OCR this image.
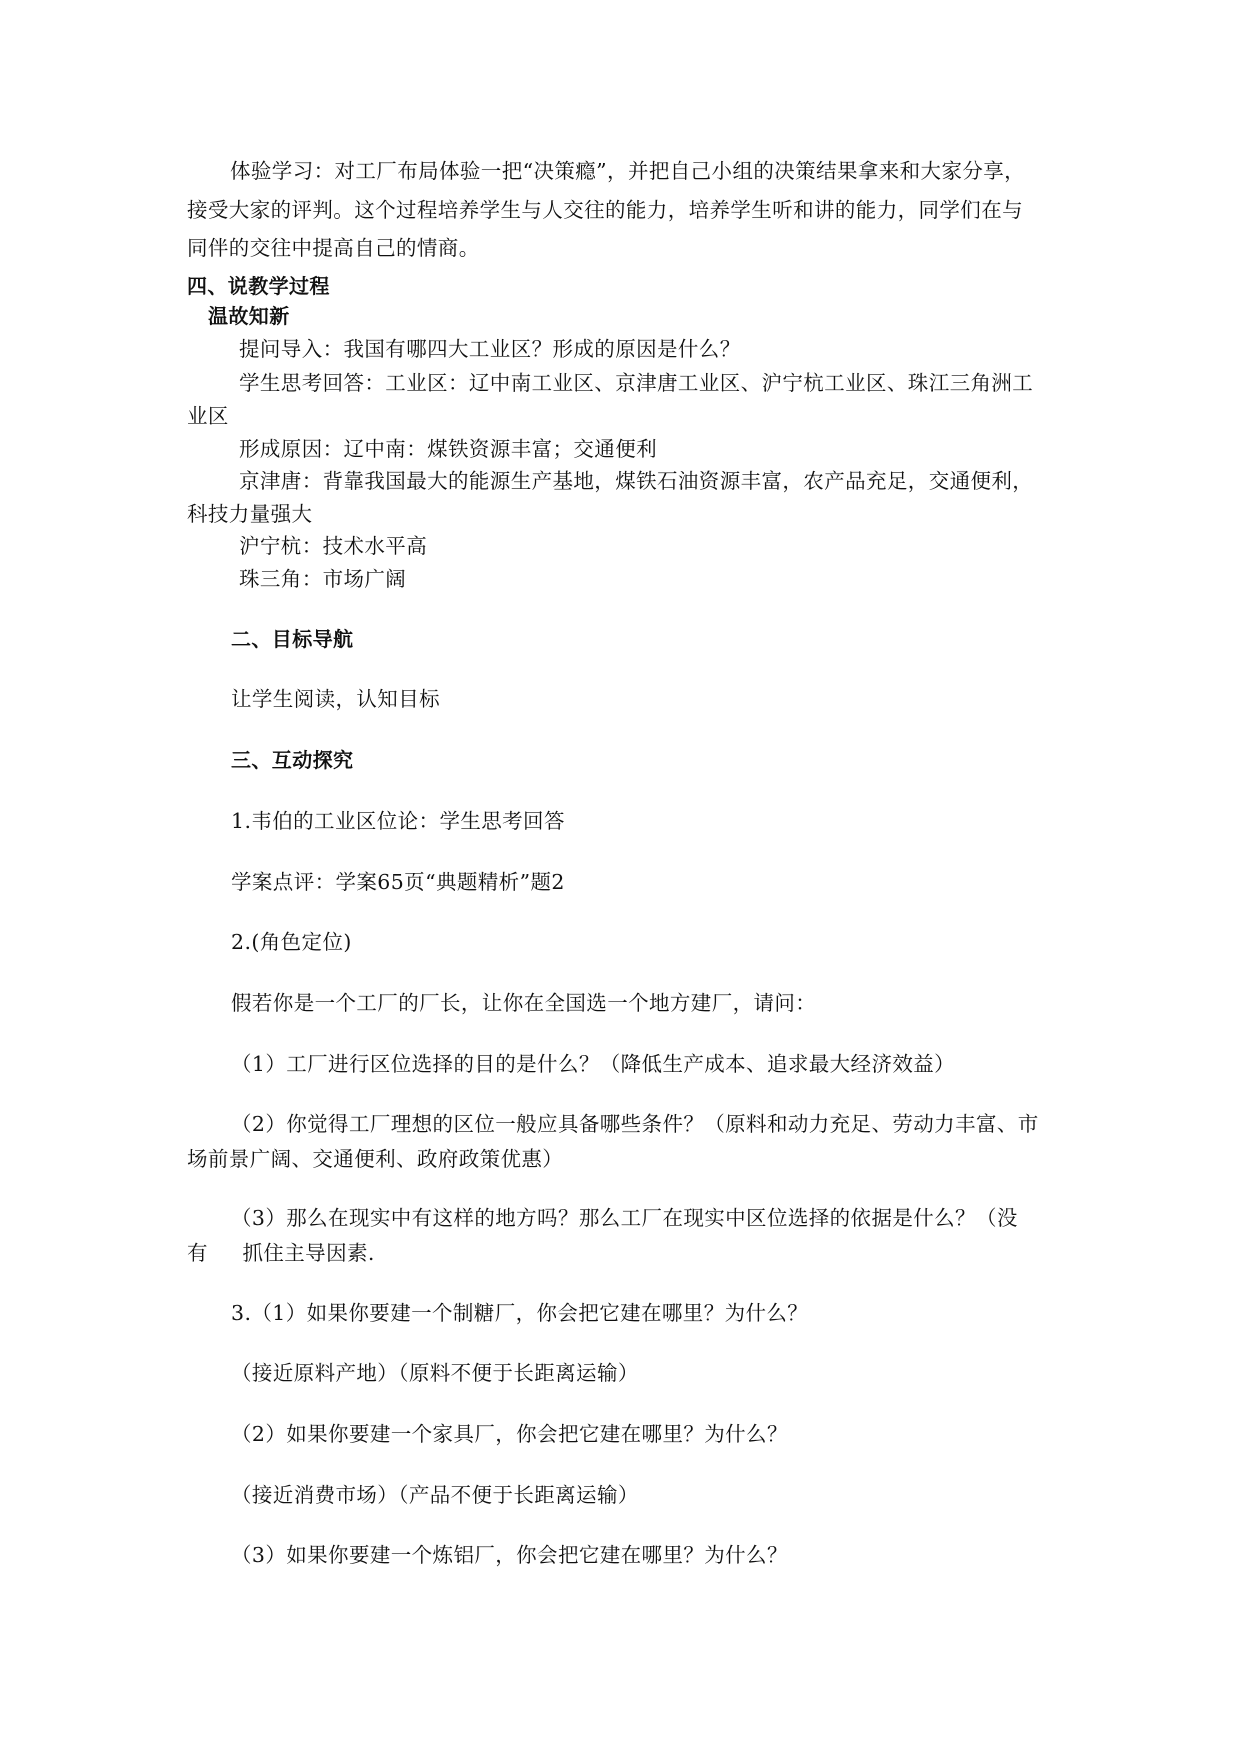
体验学习：对工厂布局体验一把“决策瘾”，并把自己小组的决策结果拿来和大家分享，
接受大家的评判。这个过程培养学生与人交往的能力，培养学生听和讲的能力，同学们在与
同伴的交往中提高自己的情商。
四、说教学过程
温故知新
提问导入：我国有哪四大工业区？形成的原因是什么？
学生思考回答：工业区：辽中南工业区、京津唐工业区、沪宁杭工业区、珠江三角洲工
业区
形成原因：辽中南：煤铁资源丰富；交通便利
京津唐：背靠我国最大的能源生产基地，煤铁石油资源丰富，农产品充足，交通便利，
科技力量强大
沪宁杭：技术水平高
珠三角：市场广阔
二、目标导航
让学生阅读，认知目标
三、互动探究
1.韦伯的工业区位论：学生思考回答
学案点评：学案65页“典题精析”题2
2.(角色定位)
假若你是一个工厂的厂长，让你在全国选一个地方建厂，请问：
（1）工厂进行区位选择的目的是什么？（降低生产成本、追求最大经济效益）
（2）你觉得工厂理想的区位一般应具备哪些条件？（原料和动力充足、劳动力丰富、市
场前景广阔、交通便利、政府政策优惠）
（3）那么在现实中有这样的地方吗？那么工厂在现实中区位选择的依据是什么？（没
有     抓住主导因素.
3.（1）如果你要建一个制糖厂，你会把它建在哪里？为什么？
（接近原料产地）（原料不便于长距离运输）
（2）如果你要建一个家具厂，你会把它建在哪里？为什么？
（接近消费市场）（产品不便于长距离运输）
（3）如果你要建一个炼铝厂，你会把它建在哪里？为什么？
